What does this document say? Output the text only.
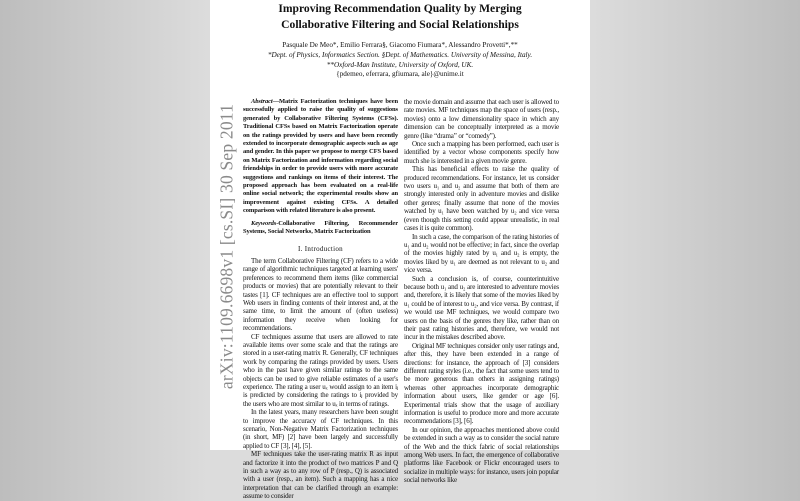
arXiv:1109.6698v1 [cs.SI] 30 Sep 2011
Improving Recommendation Quality by Merging
Collaborative Filtering and Social Relationships
Pasquale De Meo*, Emilio Ferrara§, Giacomo Fiumara*, Alessandro Provetti*,**
*Dept. of Physics, Informatics Section. §Dept. of Mathematics. University of Messina, Italy.
**Oxford-Man Institute, University of Oxford, UK.
{pdemeo, eferrara, gfiumara, ale}@unime.it

Abstract—Matrix Factorization techniques have been successfully applied to raise the quality of suggestions generated by Collaborative Filtering Systems (CFSs). Traditional CFSs based on Matrix Factorization operate on the ratings provided by users and have been recently extended to incorporate demographic aspects such as age and gender. In this paper we propose to merge CFS based on Matrix Factorization and information regarding social friendships in order to provide users with more accurate suggestions and rankings on items of their interest. The proposed approach has been evaluated on a real-life online social network; the experimental results show an improvement against existing CFSs. A detailed comparison with related literature is also present.

Keywords-Collaborative Filtering, Recommender Systems, Social Networks, Matrix Factorization

I. Introduction

The term Collaborative Filtering (CF) refers to a wide range of algorithmic techniques targeted at learning users' preferences to recommend them items (like commercial products or movies) that are potentially relevant to their tastes [1]. CF techniques are an effective tool to support Web users in finding contents of their interest and, at the same time, to limit the amount of (often useless) information they receive when looking for recommendations.

CF techniques assume that users are allowed to rate available items over some scale and that the ratings are stored in a user-rating matrix R. Generally, CF techniques work by comparing the ratings provided by users. Users who in the past have given similar ratings to the same objects can be used to give reliable estimates of a user's experience. The rating a user uₓ would assign to an item iⱼ is predicted by considering the ratings to iⱼ provided by the users who are most similar to uₓ in terms of ratings.

In the latest years, many researchers have been sought to improve the accuracy of CF techniques. In this scenario, Non-Negative Matrix Factorization techniques (in short, MF) [2] have been largely and successfully applied to CF [3], [4], [5].

MF techniques take the user-rating matrix R as input and factorize it into the product of two matrices P and Q in such a way as to any row of P (resp., Q) is associated with a user (resp., an item). Such a mapping has a nice interpretation that can be clarified through an example: assume to consider

the movie domain and assume that each user is allowed to rate movies. MF techniques map the space of users (resp., movies) onto a low dimensionality space in which any dimension can be conceptually interpreted as a movie genre (like “drama” or “comedy”).

Once such a mapping has been performed, each user is identified by a vector whose components specify how much she is interested in a given movie genre.

This has beneficial effects to raise the quality of produced recommendations. For instance, let us consider two users u₁ and u₂ and assume that both of them are strongly interested only in adventure movies and dislike other genres; finally assume that none of the movies watched by u₁ have been watched by u₂ and vice versa (even though this setting could appear unrealistic, in real cases it is quite common).

In such a case, the comparison of the rating histories of u₁ and u₂ would not be effective; in fact, since the overlap of the movies highly rated by u₁ and u₂ is empty, the movies liked by u₁ are deemed as not relevant to u₂ and vice versa.

Such a conclusion is, of course, counterintuitive because both u₁ and u₂ are interested to adventure movies and, therefore, it is likely that some of the movies liked by u₁ could be of interest to u₂, and vice versa. By contrast, if we would use MF techniques, we would compare two users on the basis of the genres they like, rather than on their past rating histories and, therefore, we would not incur in the mistakes described above.

Original MF techniques consider only user ratings and, after this, they have been extended in a range of directions: for instance, the approach of [3] considers different rating styles (i.e., the fact that some users tend to be more generous than others in assigning ratings) whereas other approaches incorporate demographic information about users, like gender or age [6]. Experimental trials show that the usage of auxiliary information is useful to produce more and more accurate recommendations [3], [6].

In our opinion, the approaches mentioned above could be extended in such a way as to consider the social nature of the Web and the thick fabric of social relationships among Web users. In fact, the emergence of collaborative platforms like Facebook or Flickr encouraged users to socialize in multiple ways: for instance, users join popular social networks like
